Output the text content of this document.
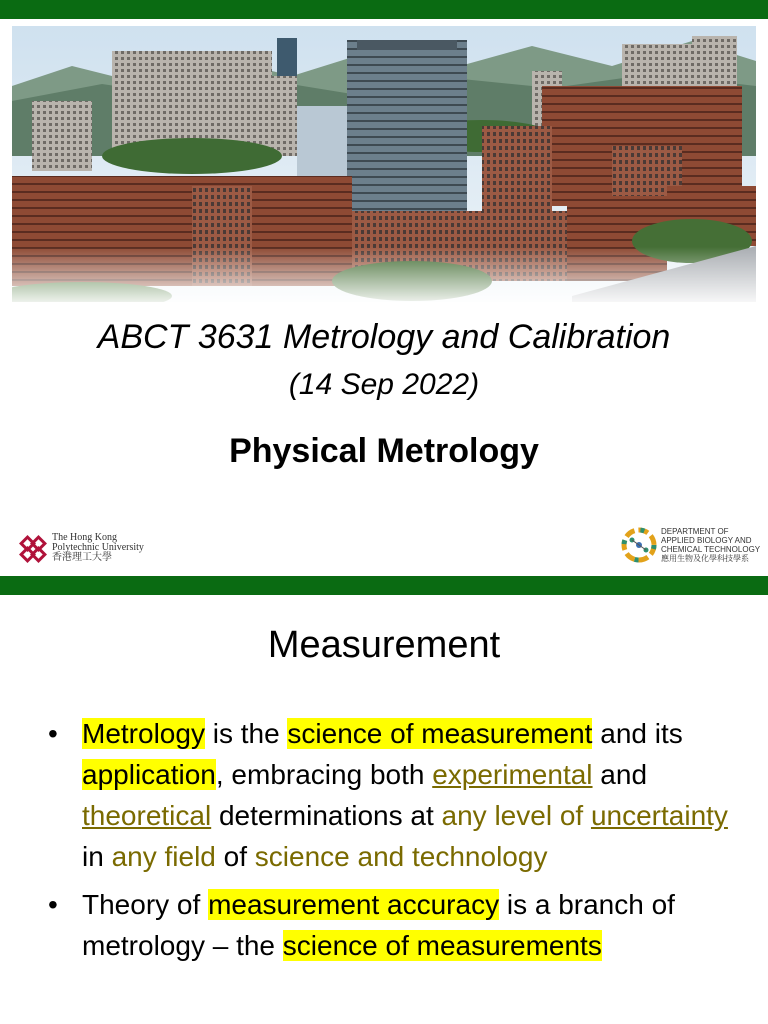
ABCT 3631 Metrology and Calibration
(14 Sep 2022)
Physical Metrology
The Hong Kong
Polytechnic University
香港理工大學
DEPARTMENT OF
APPLIED BIOLOGY AND
CHEMICAL TECHNOLOGY
應用生物及化學科技學系
Measurement
• Metrology is the science of measurement and its application, embracing both experimental and theoretical determinations at any level of uncertainty in any field of science and technology
• Theory of measurement accuracy is a branch of metrology – the science of measurements
